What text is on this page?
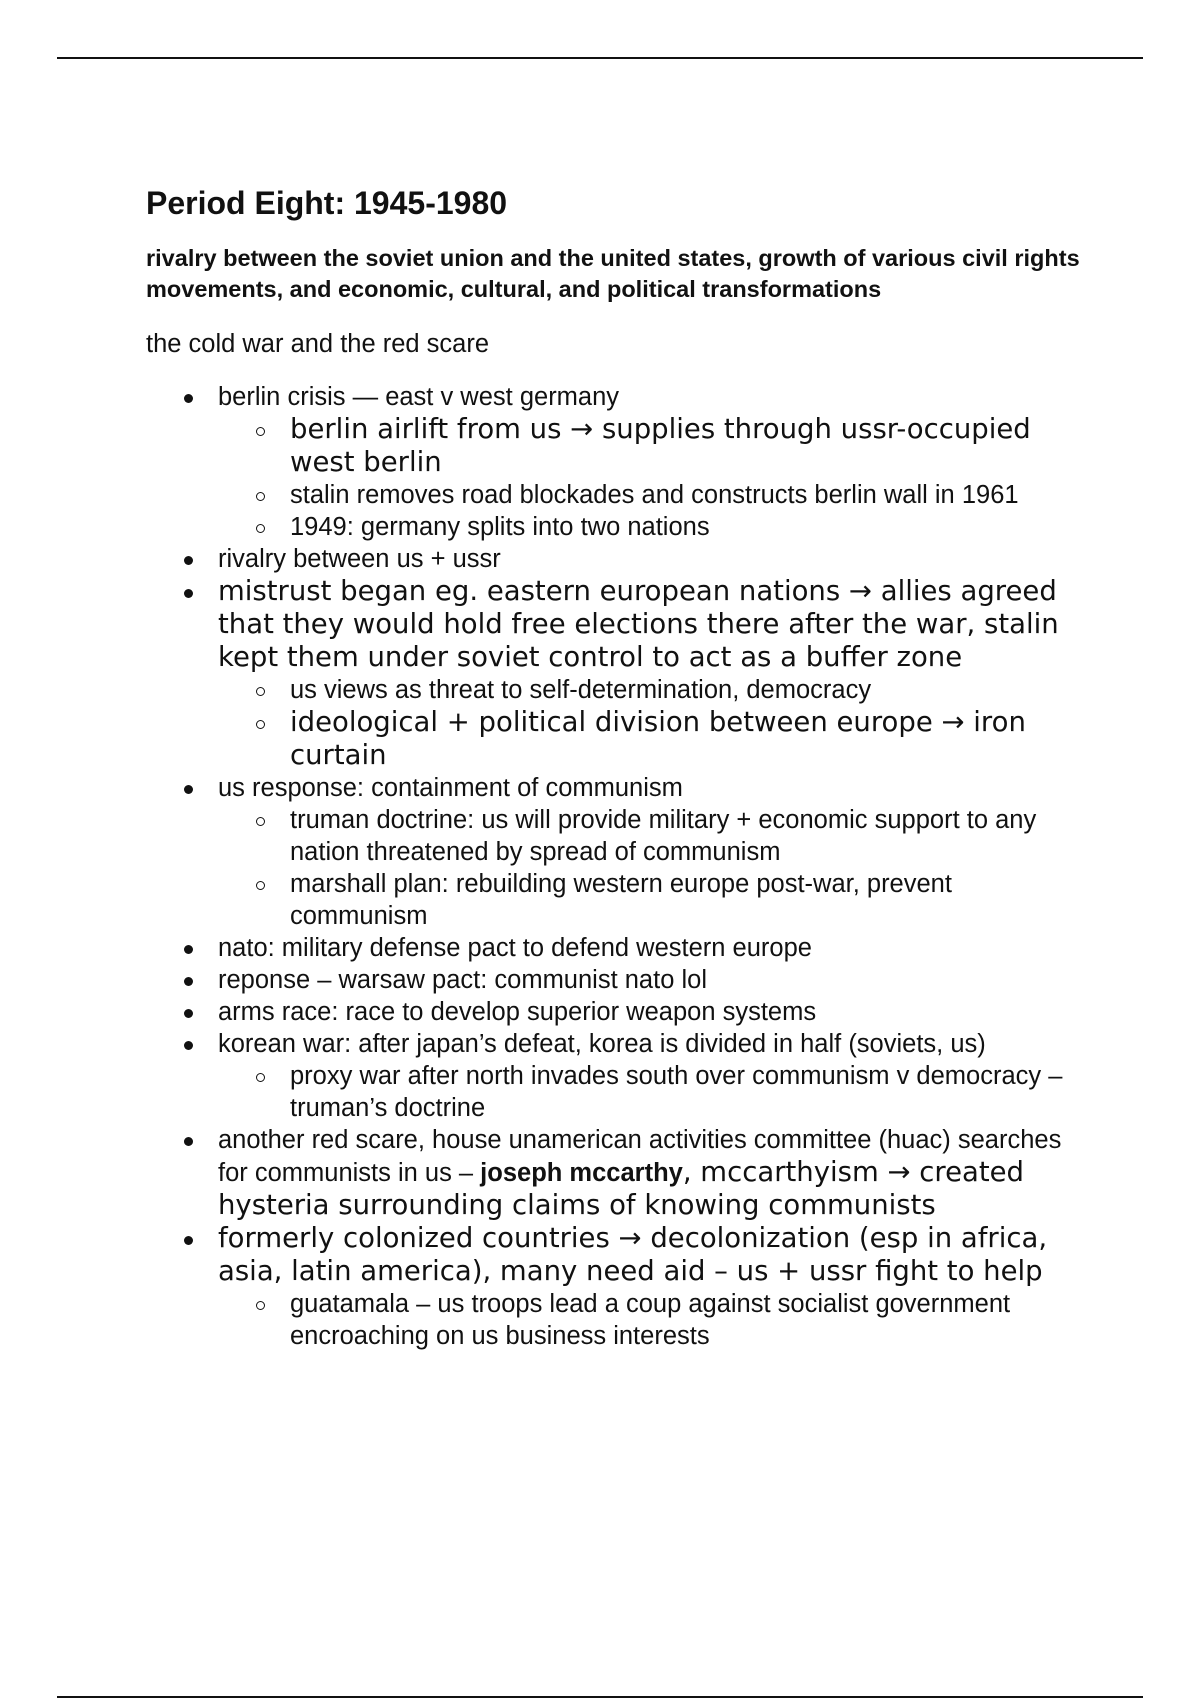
Period Eight: 1945-1980
rivalry between the soviet union and the united states, growth of various civil rights movements, and economic, cultural, and political transformations
the cold war and the red scare
berlin crisis — east v west germany
berlin airlift from us → supplies through ussr-occupied west berlin
stalin removes road blockades and constructs berlin wall in 1961
1949: germany splits into two nations
rivalry between us + ussr
mistrust began eg. eastern european nations → allies agreed that they would hold free elections there after the war, stalin kept them under soviet control to act as a buffer zone
us views as threat to self-determination, democracy
ideological + political division between europe → iron curtain
us response: containment of communism
truman doctrine: us will provide military + economic support to any nation threatened by spread of communism
marshall plan: rebuilding western europe post-war, prevent communism
nato: military defense pact to defend western europe
reponse – warsaw pact: communist nato lol
arms race: race to develop superior weapon systems
korean war: after japan’s defeat, korea is divided in half (soviets, us)
proxy war after north invades south over communism v democracy – truman’s doctrine
another red scare, house unamerican activities committee (huac) searches for communists in us – joseph mccarthy, mccarthyism → created hysteria surrounding claims of knowing communists
formerly colonized countries → decolonization (esp in africa, asia, latin america), many need aid – us + ussr fight to help
guatamala – us troops lead a coup against socialist government encroaching on us business interests
